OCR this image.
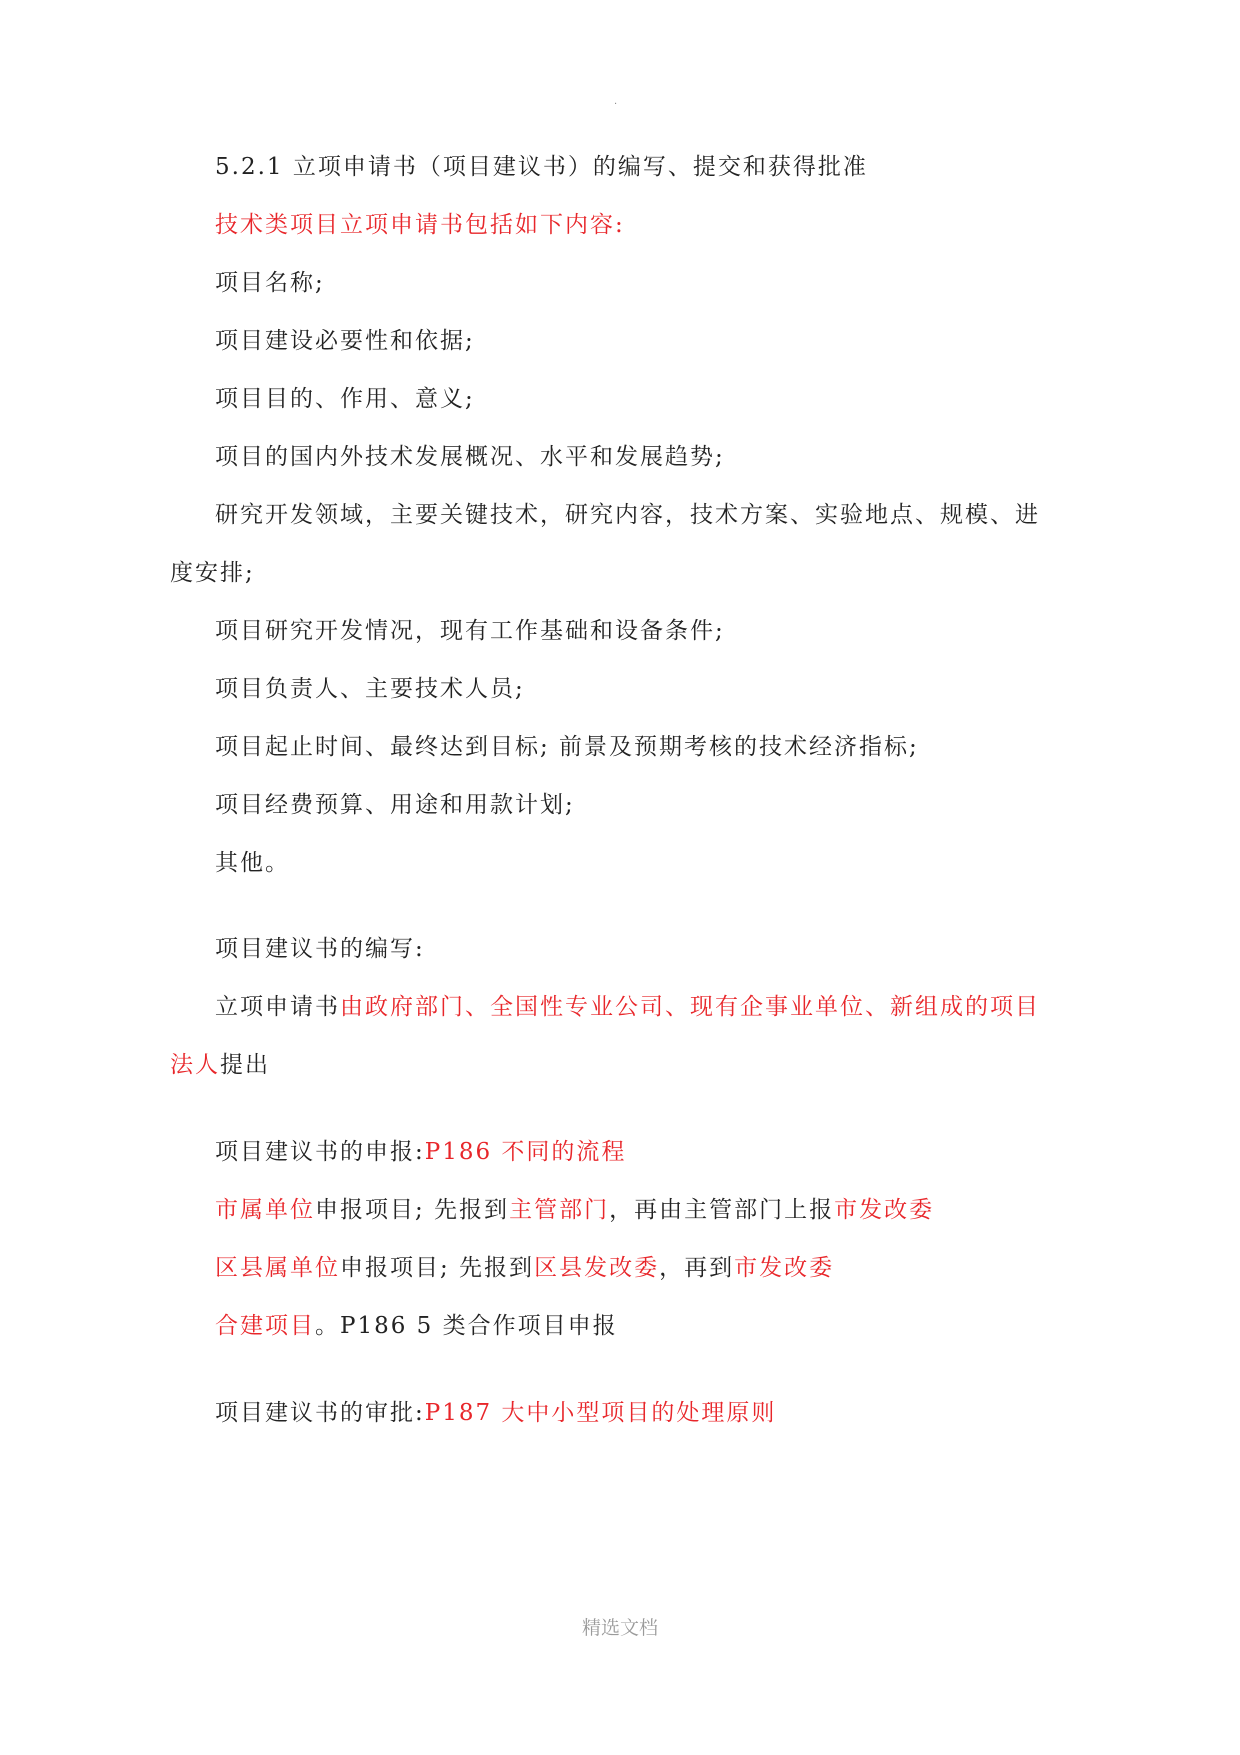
.
5.2.1 立项申请书（项目建议书）的编写、提交和获得批准
技术类项目立项申请书包括如下内容:
项目名称;
项目建设必要性和依据;
项目目的、作用、意义;
项目的国内外技术发展概况、水平和发展趋势;
研究开发领域，主要关键技术，研究内容，技术方案、实验地点、规模、进
度安排;
项目研究开发情况，现有工作基础和设备条件;
项目负责人、主要技术人员;
项目起止时间、最终达到目标; 前景及预期考核的技术经济指标;
项目经费预算、用途和用款计划;
其他。
项目建议书的编写:
立项申请书由政府部门、全国性专业公司、现有企事业单位、新组成的项目
法人提出
项目建议书的申报:P186 不同的流程
市属单位申报项目; 先报到主管部门，再由主管部门上报市发改委
区县属单位申报项目; 先报到区县发改委，再到市发改委
合建项目。P186 5 类合作项目申报
项目建议书的审批:P187 大中小型项目的处理原则
精选文档
